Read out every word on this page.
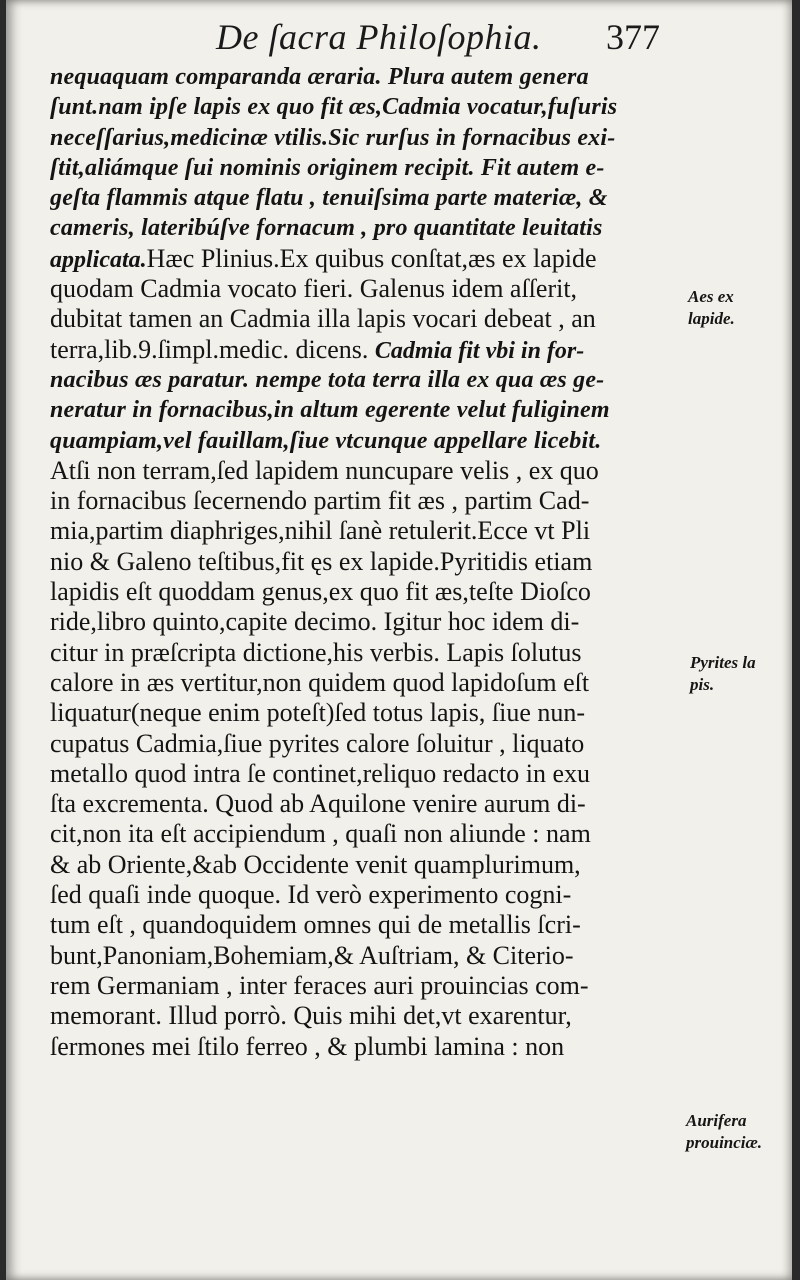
De ſacra Philoſophia. 377
nequaquam comparanda æraria. Plura autem genera
ſunt.nam ipſe lapis ex quo fit æs,Cadmia vocatur,fuſuris
neceſſarius,medicinæ vtilis.Sic rurſus in fornacibus exi-
ſtit,aliámque ſui nominis originem recipit. Fit autem e-
geſta flammis atque flatu , tenuiſsima parte materiæ, &
cameris, lateribúſve fornacum , pro quantitate leuitatis
applicata.Hæc Plinius.Ex quibus conſtat,æs ex lapide
quodam Cadmia vocato fieri. Galenus idem aſſerit,
dubitat tamen an Cadmia illa lapis vocari debeat , an
terra,lib.9.ſimpl.medic. dicens. Cadmia fit vbi in for-
nacibus æs paratur. nempe tota terra illa ex qua æs ge-
neratur in fornacibus,in altum egerente velut fuliginem
quampiam,vel fauillam,ſiue vtcunque appellare licebit.
Atſi non terram,ſed lapidem nuncupare velis , ex quo
in fornacibus ſecernendo partim fit æs , partim Cad-
mia,partim diaphriges,nihil ſanè retulerit.Ecce vt Pli
nio & Galeno teſtibus,fit ęs ex lapide.Pyritidis etiam
lapidis eſt quoddam genus,ex quo fit æs,teſte Dioſco
ride,libro quinto,capite decimo. Igitur hoc idem di-
citur in præſcripta dictione,his verbis. Lapis ſolutus
calore in æs vertitur,non quidem quod lapidoſum eſt
liquatur(neque enim poteſt)ſed totus lapis, ſiue nun-
cupatus Cadmia,ſiue pyrites calore ſoluitur , liquato
metallo quod intra ſe continet,reliquo redacto in exu
ſta excrementa. Quod ab Aquilone venire aurum di-
cit,non ita eſt accipiendum , quaſi non aliunde : nam
& ab Oriente,&ab Occidente venit quamplurimum,
ſed quaſi inde quoque. Id verò experimento cogni-
tum eſt , quandoquidem omnes qui de metallis ſcri-
bunt,Panoniam,Bohemiam,& Auſtriam, & Citerio-
rem Germaniam , inter feraces auri prouincias com-
memorant. Illud porrò. Quis mihi det,vt exarentur,
ſermones mei ſtilo ferreo , & plumbi lamina : non
Aes ex
lapide.
Pyrites la
pis.
Aurifera
prouinciæ.
